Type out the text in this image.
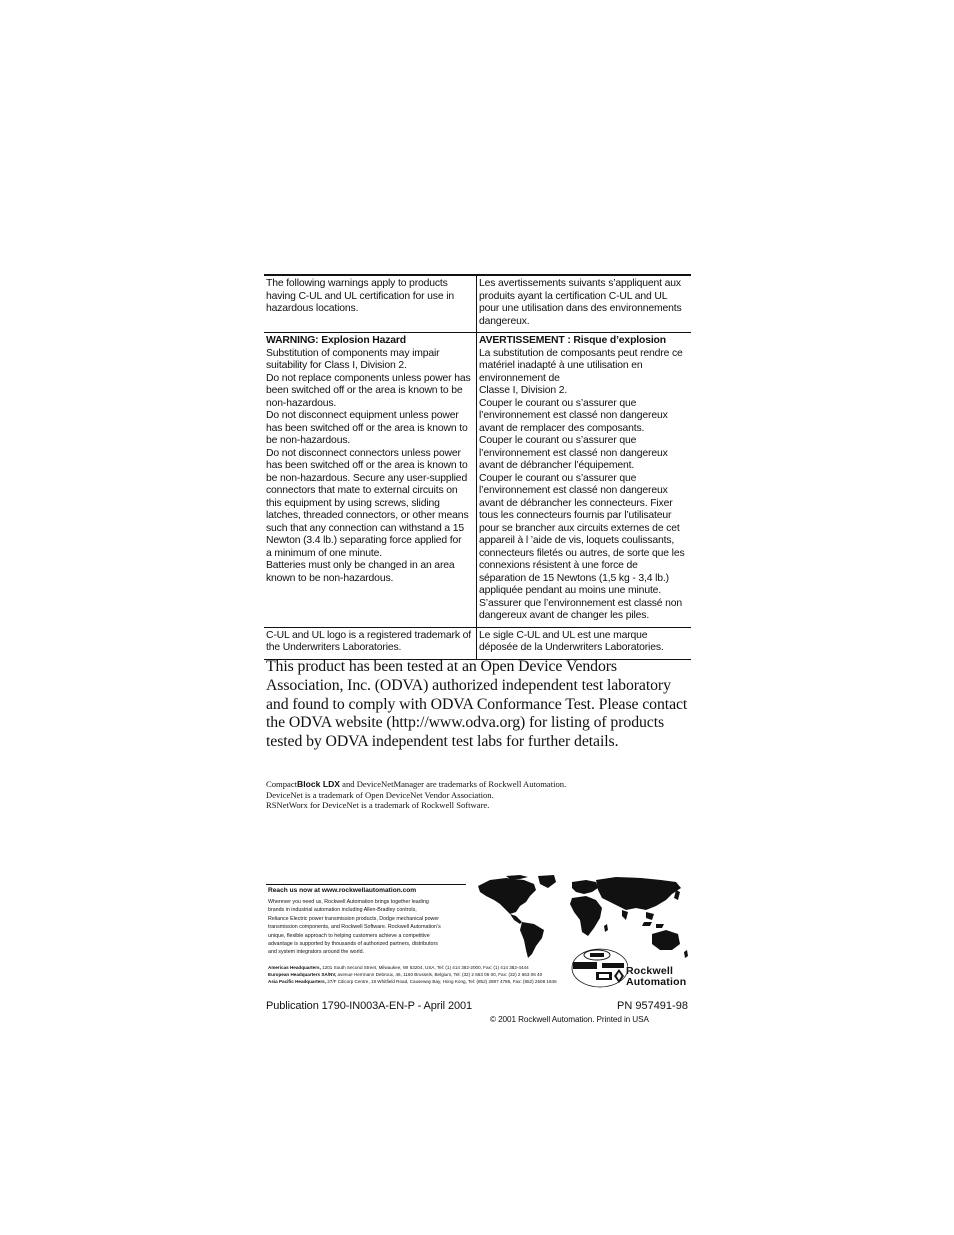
The following warnings apply to products having C-UL and UL certification for use in hazardous locations.

Les avertissements suivants s’appliquent aux produits ayant la certification C-UL and UL pour une utilisation dans des environnements dangereux.

WARNING: Explosion Hazard

Substitution of components may impair
suitability for Class I, Division 2.
Do not replace components unless power has
been switched off or the area is known to be
non-hazardous.
Do not disconnect equipment unless power
has been switched off or the area is known to
be non-hazardous.
Do not disconnect connectors unless power
has been switched off or the area is known to
be non-hazardous. Secure any user-supplied
connectors that mate to external circuits on
this equipment by using screws, sliding
latches, threaded connectors, or other means
such that any connection can withstand a 15
Newton (3.4 lb.) separating force applied for
a minimum of one minute.
Batteries must only be changed in an area
known to be non-hazardous.

AVERTISSEMENT : Risque d’explosion

La substitution de composants peut rendre ce
matériel inadapté à une utilisation en
environnement de
Classe I, Division 2.
Couper le courant ou s’assurer que
l’environnement est classé non dangereux
avant de remplacer des composants.
Couper le courant ou s’assurer que
l’environnement est classé non dangereux
avant de débrancher l’équipement.
Couper le courant ou s’assurer que
l’environnement est classé non dangereux
avant de débrancher les connecteurs. Fixer
tous les connecteurs fournis par l’utilisateur
pour se brancher aux circuits externes de cet
appareil à l ’aide de vis, loquets coulissants,
connecteurs filetés ou autres, de sorte que les
connexions résistent à une force de
séparation de 15 Newtons (1,5 kg - 3,4 lb.)
appliquée pendant au moins une minute.
S’assurer que l’environnement est classé non
dangereux avant de changer les piles.

C-UL and UL logo is a registered trademark of the Underwriters Laboratories.

Le sigle C-UL and UL est une marque déposée de la Underwriters Laboratories.

This product has been tested at an Open Device Vendors Association, Inc. (ODVA) authorized independent test laboratory and found to comply with ODVA Conformance Test. Please contact the ODVA website (http://www.odva.org) for listing of products tested by ODVA independent test labs for further details.

CompactBlock LDX and DeviceNetManager are trademarks of Rockwell Automation.
DeviceNet is a trademark of Open DeviceNet Vendor Association.
RSNetWorx for DeviceNet is a trademark of Rockwell Software.
Reach us now at www.rockwellautomation.com
Wherever you need us, Rockwell Automation brings together leading
brands in industrial automation including Allen-Bradley controls,
Reliance Electric power transmission products, Dodge mechanical power
transmission components, and Rockwell Software. Rockwell Automation’s
unique, flexible approach to helping customers achieve a competitive
advantage is supported by thousands of authorized partners, distributors
and system integrators around the world.
Americas Headquarters, 1201 South Second Street, Milwaukee, WI 53204, USA, Tel: (1) 414 382-2000, Fax: (1) 414 382-4444
European Headquarters SA/NV, avenue Herrmann Debroux, 46, 1160 Brussels, Belgium, Tel: (32) 2 663 06 00, Fax: (32) 2 663 06 40
Asia Pacific Headquarters, 27/F Citicorp Centre, 18 Whitfield Road, Causeway Bay, Hong Kong, Tel: (852) 2887 4788, Fax: (852) 2508 1846
Rockwell
Automation
Publication 1790-IN003A-EN-P - April 2001	PN 957491-98
© 2001 Rockwell Automation. Printed in USA
